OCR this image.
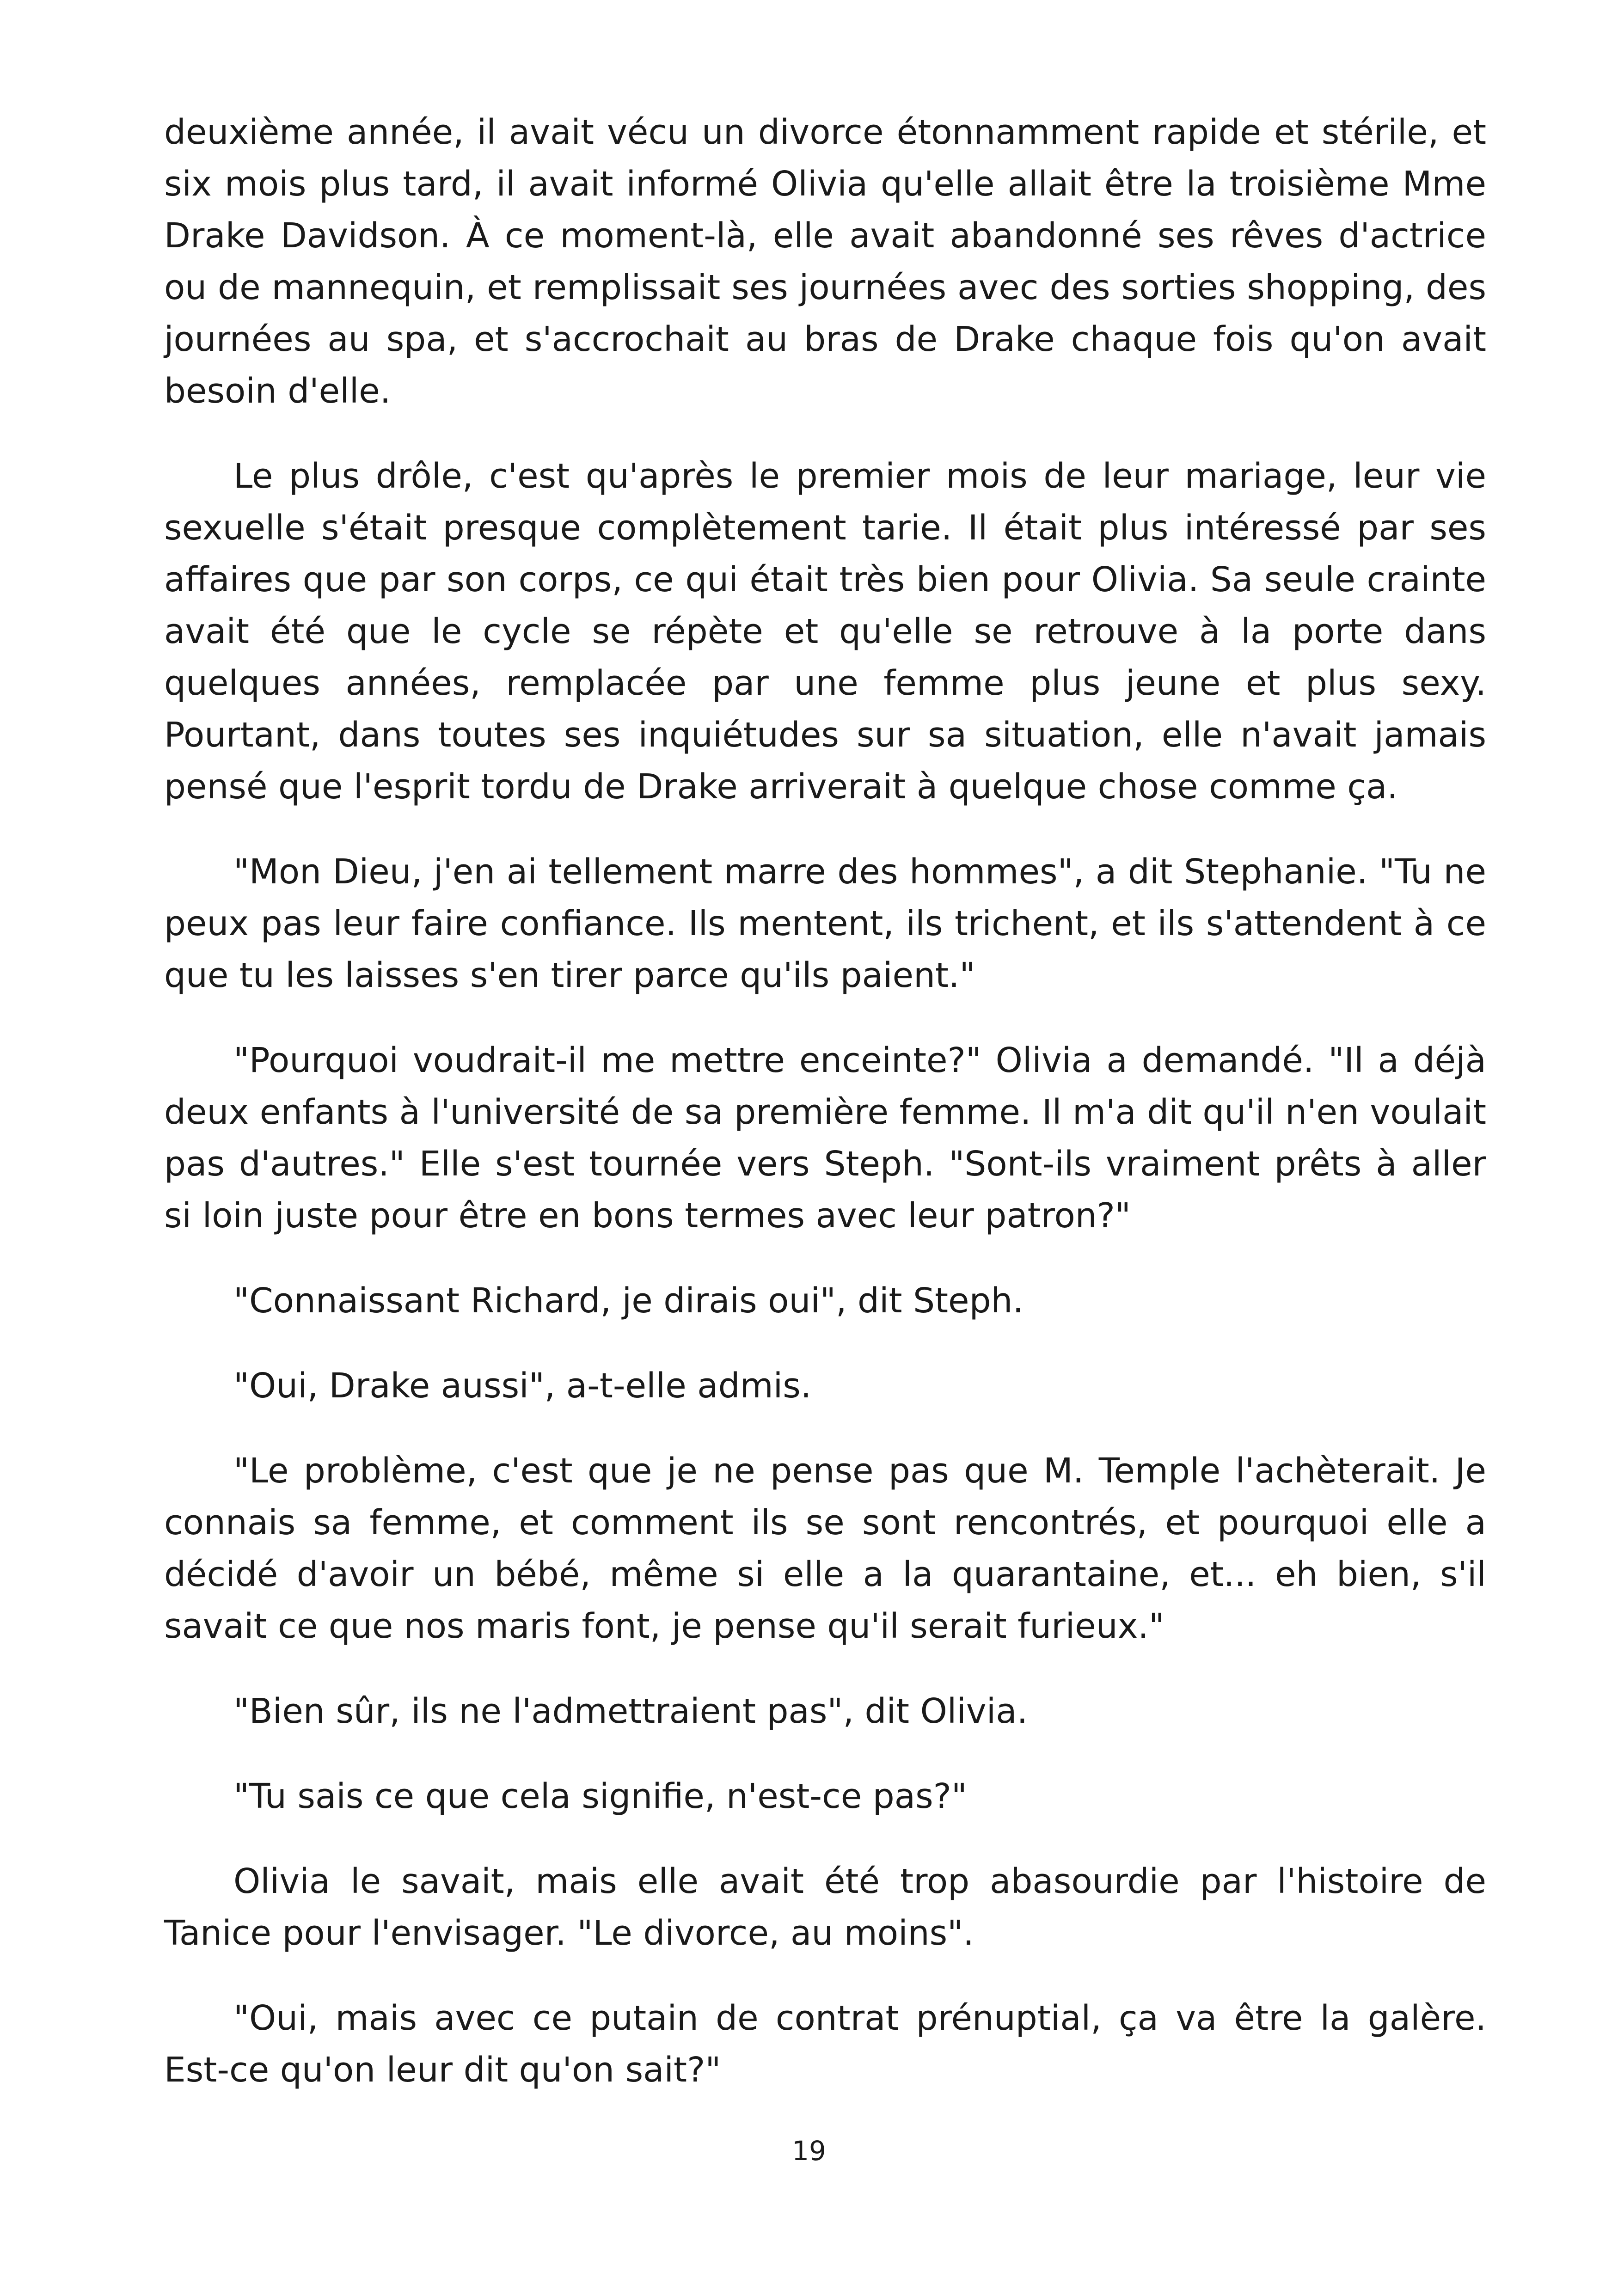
deuxième année, il avait vécu un divorce étonnamment rapide et stérile, et six mois plus tard, il avait informé Olivia qu'elle allait être la troisième Mme Drake Davidson. À ce moment-là, elle avait abandonné ses rêves d'actrice ou de mannequin, et remplissait ses journées avec des sorties shopping, des journées au spa, et s'accrochait au bras de Drake chaque fois qu'on avait besoin d'elle.

Le plus drôle, c'est qu'après le premier mois de leur mariage, leur vie sexuelle s'était presque complètement tarie. Il était plus intéressé par ses affaires que par son corps, ce qui était très bien pour Olivia. Sa seule crainte avait été que le cycle se répète et qu'elle se retrouve à la porte dans quelques années, remplacée par une femme plus jeune et plus sexy. Pourtant, dans toutes ses inquiétudes sur sa situation, elle n'avait jamais pensé que l'esprit tordu de Drake arriverait à quelque chose comme ça.

"Mon Dieu, j'en ai tellement marre des hommes", a dit Stephanie. "Tu ne peux pas leur faire confiance. Ils mentent, ils trichent, et ils s'attendent à ce que tu les laisses s'en tirer parce qu'ils paient."

"Pourquoi voudrait-il me mettre enceinte?" Olivia a demandé. "Il a déjà deux enfants à l'université de sa première femme. Il m'a dit qu'il n'en voulait pas d'autres." Elle s'est tournée vers Steph. "Sont-ils vraiment prêts à aller si loin juste pour être en bons termes avec leur patron?"

"Connaissant Richard, je dirais oui", dit Steph.

"Oui, Drake aussi", a-t-elle admis.

"Le problème, c'est que je ne pense pas que M. Temple l'achèterait. Je connais sa femme, et comment ils se sont rencontrés, et pourquoi elle a décidé d'avoir un bébé, même si elle a la quarantaine, et... eh bien, s'il savait ce que nos maris font, je pense qu'il serait furieux."

"Bien sûr, ils ne l'admettraient pas", dit Olivia.

"Tu sais ce que cela signifie, n'est-ce pas?"

Olivia le savait, mais elle avait été trop abasourdie par l'histoire de Tanice pour l'envisager. "Le divorce, au moins".

"Oui, mais avec ce putain de contrat prénuptial, ça va être la galère. Est-ce qu'on leur dit qu'on sait?"

19
